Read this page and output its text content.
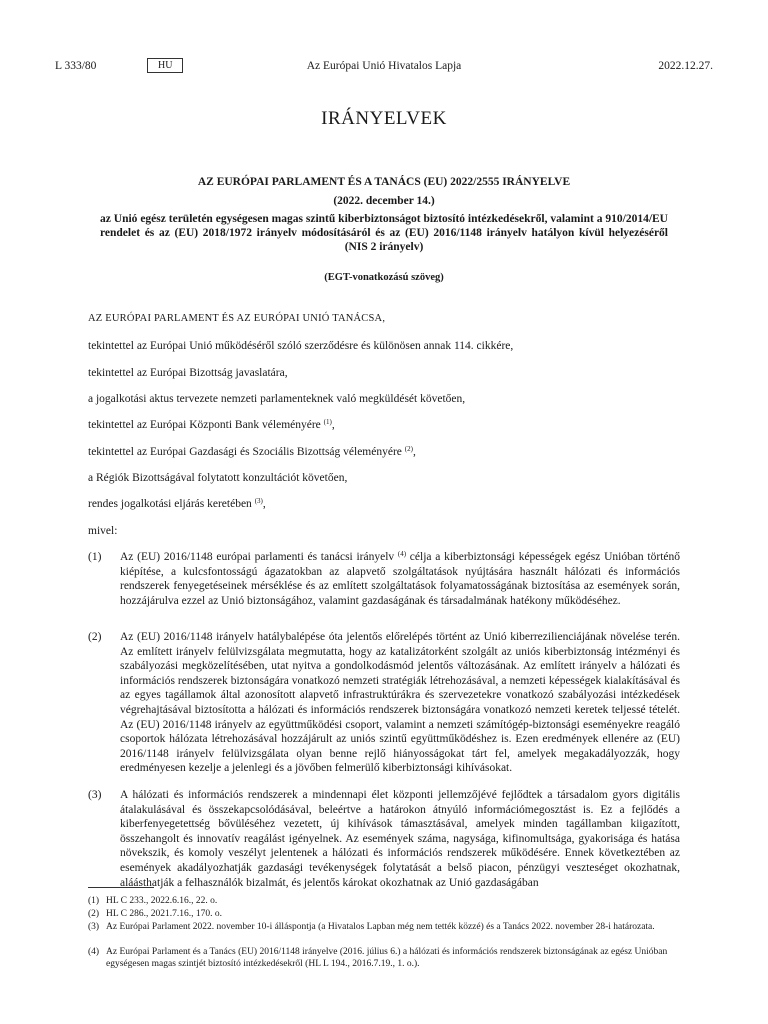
L 333/80	HU	Az Európai Unió Hivatalos Lapja	2022.12.27.
IRÁNYELVEK
AZ EURÓPAI PARLAMENT ÉS A TANÁCS (EU) 2022/2555 IRÁNYELVE
(2022. december 14.)
az Unió egész területén egységesen magas szintű kiberbiztonságot biztosító intézkedésekről, valamint a 910/2014/EU rendelet és az (EU) 2018/1972 irányelv módosításáról és az (EU) 2016/1148 irányelv hatályon kívül helyezéséről (NIS 2 irányelv)
(EGT-vonatkozású szöveg)
AZ EURÓPAI PARLAMENT ÉS AZ EURÓPAI UNIÓ TANÁCSA,
tekintettel az Európai Unió működéséről szóló szerződésre és különösen annak 114. cikkére,
tekintettel az Európai Bizottság javaslatára,
a jogalkotási aktus tervezete nemzeti parlamenteknek való megküldését követően,
tekintettel az Európai Központi Bank véleményére $^{(1)}$,
tekintettel az Európai Gazdasági és Szociális Bizottság véleményére $^{(2)}$,
a Régiók Bizottságával folytatott konzultációt követően,
rendes jogalkotási eljárás keretében $^{(3)}$,
mivel:
(1) Az (EU) 2016/1148 európai parlamenti és tanácsi irányelv $^{(4)}$ célja a kiberbiztonsági képességek egész Unióban történő kiépítése, a kulcsfontosságú ágazatokban az alapvető szolgáltatások nyújtására használt hálózati és információs rendszerek fenyegetéseinek mérséklése és az említett szolgáltatások folyamatosságának biztosítása az események során, hozzájárulva ezzel az Unió biztonságához, valamint gazdaságának és társadalmának hatékony működéséhez.
(2) Az (EU) 2016/1148 irányelv hatálybalépése óta jelentős előrelépés történt az Unió kiberrezilienciájának növelése terén. Az említett irányelv felülvizsgálata megmutatta, hogy az katalizátorként szolgált az uniós kiberbiztonság intézményi és szabályozási megközelítésében, utat nyitva a gondolkodásmód jelentős változásának. Az említett irányelv a hálózati és információs rendszerek biztonságára vonatkozó nemzeti stratégiák létrehozásával, a nemzeti képességek kialakításával és az egyes tagállamok által azonosított alapvető infrastruktúrákra és szervezetekre vonatkozó szabályozási intézkedések végrehajtásával biztosította a hálózati és információs rendszerek biztonságára vonatkozó nemzeti keretek teljessé tételét. Az (EU) 2016/1148 irányelv az együttműködési csoport, valamint a nemzeti számítógép-biztonsági eseményekre reagáló csoportok hálózata létrehozásával hozzájárult az uniós szintű együttműködéshez is. Ezen eredmények ellenére az (EU) 2016/1148 irányelv felülvizsgálata olyan benne rejlő hiányosságokat tárt fel, amelyek megakadályozzák, hogy eredményesen kezelje a jelenlegi és a jövőben felmerülő kiberbiztonsági kihívásokat.
(3) A hálózati és információs rendszerek a mindennapi élet központi jellemzőjévé fejlődtek a társadalom gyors digitális átalakulásával és összekapcsolódásával, beleértve a határokon átnyúló információmegosztást is. Ez a fejlődés a kiberfenyegetettség bővüléséhez vezetett, új kihívások támasztásával, amelyek minden tagállamban kiigazított, összehangolt és innovatív reagálást igényelnek. Az események száma, nagysága, kifinomultsága, gyakorisága és hatása növekszik, és komoly veszélyt jelentenek a hálózati és információs rendszerek működésére. Ennek következtében az események akadályozhatják gazdasági tevékenységek folytatását a belső piacon, pénzügyi veszteséget okozhatnak, aláásthatják a felhasználók bizalmát, és jelentős károkat okozhatnak az Unió gazdaságában
(1) HL C 233., 2022.6.16., 22. o.
(2) HL C 286., 2021.7.16., 170. o.
(3) Az Európai Parlament 2022. november 10-i álláspontja (a Hivatalos Lapban még nem tették közzé) és a Tanács 2022. november 28-i határozata.
(4) Az Európai Parlament és a Tanács (EU) 2016/1148 irányelve (2016. július 6.) a hálózati és információs rendszerek biztonságának az egész Unióban egységesen magas szintjét biztosító intézkedésekről (HL L 194., 2016.7.19., 1. o.).
